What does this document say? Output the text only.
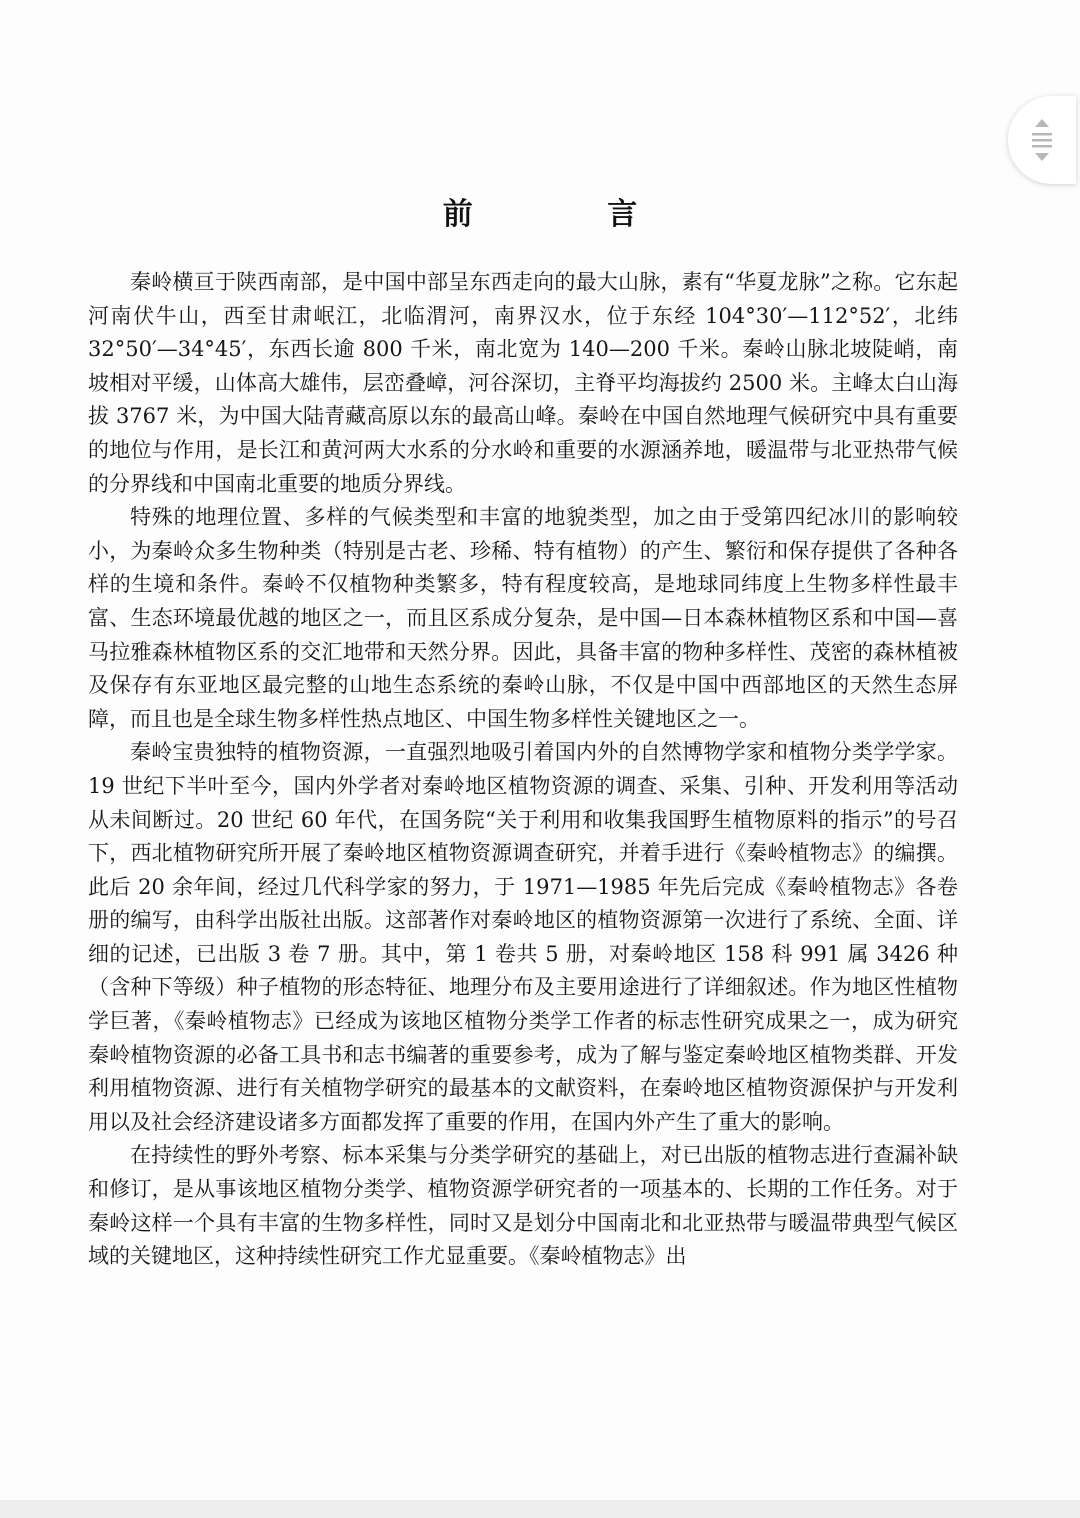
前 言

秦岭横亘于陕西南部，是中国中部呈东西走向的最大山脉，素有“华夏龙脉”之称。它东起河南伏牛山，西至甘肃岷江，北临渭河，南界汉水，位于东经 104°30′—112°52′，北纬 32°50′—34°45′，东西长逾 800 千米，南北宽为 140—200 千米。秦岭山脉北坡陡峭，南坡相对平缓，山体高大雄伟，层峦叠嶂，河谷深切，主脊平均海拔约 2500 米。主峰太白山海拔 3767 米，为中国大陆青藏高原以东的最高山峰。秦岭在中国自然地理气候研究中具有重要的地位与作用，是长江和黄河两大水系的分水岭和重要的水源涵养地，暖温带与北亚热带气候的分界线和中国南北重要的地质分界线。

特殊的地理位置、多样的气候类型和丰富的地貌类型，加之由于受第四纪冰川的影响较小，为秦岭众多生物种类（特别是古老、珍稀、特有植物）的产生、繁衍和保存提供了各种各样的生境和条件。秦岭不仅植物种类繁多，特有程度较高，是地球同纬度上生物多样性最丰富、生态环境最优越的地区之一，而且区系成分复杂，是中国—日本森林植物区系和中国—喜马拉雅森林植物区系的交汇地带和天然分界。因此，具备丰富的物种多样性、茂密的森林植被及保存有东亚地区最完整的山地生态系统的秦岭山脉，不仅是中国中西部地区的天然生态屏障，而且也是全球生物多样性热点地区、中国生物多样性关键地区之一。

秦岭宝贵独特的植物资源，一直强烈地吸引着国内外的自然博物学家和植物分类学学家。19 世纪下半叶至今，国内外学者对秦岭地区植物资源的调查、采集、引种、开发利用等活动从未间断过。20 世纪 60 年代，在国务院“关于利用和收集我国野生植物原料的指示”的号召下，西北植物研究所开展了秦岭地区植物资源调查研究，并着手进行《秦岭植物志》的编撰。此后 20 余年间，经过几代科学家的努力，于 1971—1985 年先后完成《秦岭植物志》各卷册的编写，由科学出版社出版。这部著作对秦岭地区的植物资源第一次进行了系统、全面、详细的记述，已出版 3 卷 7 册。其中，第 1 卷共 5 册，对秦岭地区 158 科 991 属 3426 种（含种下等级）种子植物的形态特征、地理分布及主要用途进行了详细叙述。作为地区性植物学巨著，《秦岭植物志》已经成为该地区植物分类学工作者的标志性研究成果之一，成为研究秦岭植物资源的必备工具书和志书编著的重要参考，成为了解与鉴定秦岭地区植物类群、开发利用植物资源、进行有关植物学研究的最基本的文献资料，在秦岭地区植物资源保护与开发利用以及社会经济建设诸多方面都发挥了重要的作用，在国内外产生了重大的影响。

在持续性的野外考察、标本采集与分类学研究的基础上，对已出版的植物志进行查漏补缺和修订，是从事该地区植物分类学、植物资源学研究者的一项基本的、长期的工作任务。对于秦岭这样一个具有丰富的生物多样性，同时又是划分中国南北和北亚热带与暖温带典型气候区域的关键地区，这种持续性研究工作尤显重要。《秦岭植物志》出
